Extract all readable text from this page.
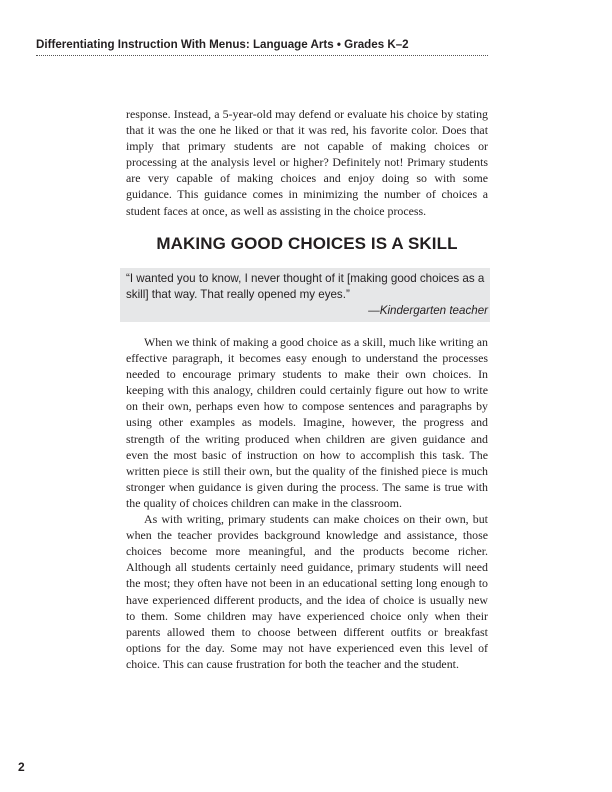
Differentiating Instruction With Menus: Language Arts • Grades K–2

response. Instead, a 5-year-old may defend or evaluate his choice by stating that it was the one he liked or that it was red, his favorite color. Does that imply that primary students are not capable of making choices or processing at the analysis level or higher? Definitely not! Primary students are very capable of making choices and enjoy doing so with some guidance. This guidance comes in minimizing the number of choices a student faces at once, as well as assisting in the choice process.

MAKING GOOD CHOICES IS A SKILL

“I wanted you to know, I never thought of it [making good choices as a skill] that way. That really opened my eyes.”

—Kindergarten teacher

When we think of making a good choice as a skill, much like writing an effective paragraph, it becomes easy enough to understand the processes needed to encourage primary students to make their own choices. In keeping with this analogy, children could certainly figure out how to write on their own, perhaps even how to compose sentences and paragraphs by using other examples as models. Imagine, however, the progress and strength of the writing produced when children are given guidance and even the most basic of instruction on how to accomplish this task. The written piece is still their own, but the quality of the finished piece is much stronger when guidance is given during the process. The same is true with the quality of choices children can make in the classroom.

As with writing, primary students can make choices on their own, but when the teacher provides background knowledge and assistance, those choices become more meaningful, and the products become richer. Although all students certainly need guidance, primary students will need the most; they often have not been in an educational setting long enough to have experienced different products, and the idea of choice is usually new to them. Some children may have experienced choice only when their parents allowed them to choose between different outfits or breakfast options for the day. Some may not have experienced even this level of choice. This can cause frustration for both the teacher and the student.

2
